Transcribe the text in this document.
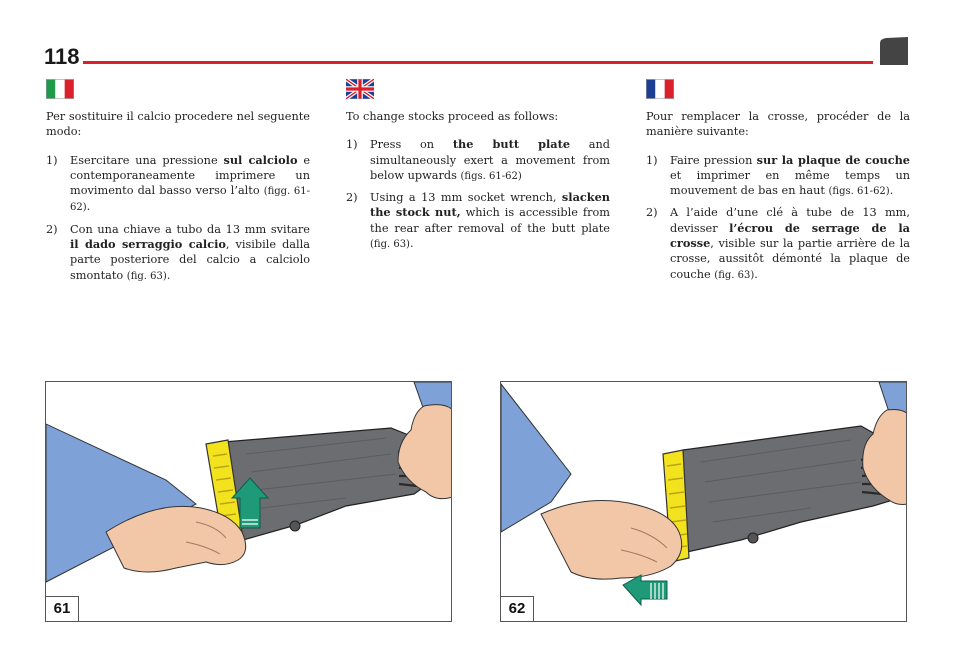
118

Per sostituire il calcio procedere nel seguente modo:

1)	Esercitare una pressione sul calciolo e contemporaneamente imprimere un movimento dal basso verso l’alto (figg. 61-62).
2)	Con una chiave a tubo da 13 mm svitare il dado serraggio calcio, visibile dalla parte posteriore del calcio a calciolo smontato (fig. 63).

To change stocks proceed as follows:

1)	Press on the butt plate and simultaneously exert a movement from below upwards (figs. 61-62)
2)	Using a 13 mm socket wrench, slacken the stock nut, which is accessible from the rear after removal of the butt plate (fig. 63).

Pour remplacer la crosse, procéder de la manière suivante:

1)	Faire pression sur la plaque de couche et imprimer en même temps un mouvement de bas en haut (figs. 61-62).
2)	A l’aide d’une clé à tube de 13 mm, devisser l’écrou de serrage de la crosse, visible sur la partie arrière de la crosse, aussitôt démonté la plaque de couche (fig. 63).
61	62
